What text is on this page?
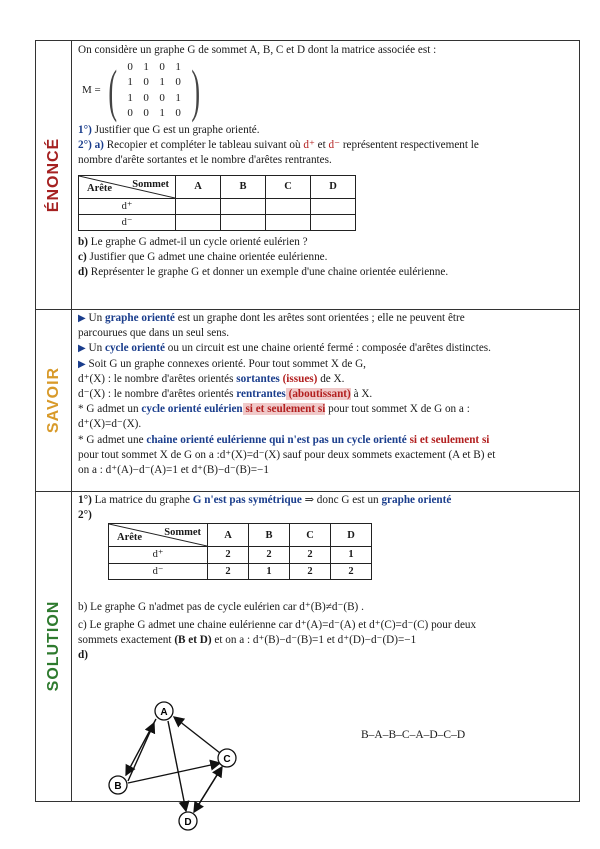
ÉNONCÉ
On considère un graphe G de sommet A, B, C et D dont la matrice associée est :
M = ( 0	1	0	1
1	0	1	0
1	0	0	1
0	0	1	0 )
1°) Justifier que G est un graphe orienté.
2°) a) Recopier et compléter le tableau suivant où d⁺ et d⁻ représentent respectivement le
nombre d'arête sortantes et le nombre d'arêtes rentrantes.
Sommet
Arête	A	B	C	D
d⁺				
d⁻				
b) Le graphe G admet-il un cycle orienté eulérien ?
c) Justifier que G admet une chaine orientée eulérienne.
d) Représenter le graphe G et donner un exemple d'une chaine orientée eulérienne.
SAVOIR
▶ Un graphe orienté est un graphe dont les arêtes sont orientées ; elle ne peuvent être
parcourues que dans un seul sens.
▶ Un cycle orienté ou un circuit est une chaine orienté fermé : composée d'arêtes distinctes.
▶ Soit G un graphe connexes orienté. Pour tout sommet X de G,
d⁺(X) : le nombre d'arêtes orientés sortantes (issues) de X.
d⁻(X) : le nombre d'arêtes orientés rentrantes (aboutissant) à X.
* G admet un cycle orienté eulérien si et seulement si pour tout sommet X de G on a :
d⁺(X)=d⁻(X).
* G admet une chaine orienté eulérienne qui n'est pas un cycle orienté si et seulement si
pour tout sommet X de G on a :d⁺(X)=d⁻(X) sauf pour deux sommets exactement (A et B) et
on a : d⁺(A)−d⁻(A)=1 et d⁺(B)−d⁻(B)=−1
SOLUTION
1°) La matrice du graphe G n'est pas symétrique ⇒ donc G est un graphe orienté
2°)
Sommet
Arête	A	B	C	D
d⁺	2	2	2	1
d⁻	2	1	2	2
b) Le graphe G n'admet pas de cycle eulérien car d⁺(B)≠d⁻(B) .
c) Le graphe G admet une chaine eulérienne car d⁺(A)=d⁻(A) et d⁺(C)=d⁻(C) pour deux
sommets exactement (B et D) et on a : d⁺(B)−d⁻(B)=1 et d⁺(D)−d⁻(D)=−1
d)
A
B
C
D
B–A–B–C–A–D–C–D
